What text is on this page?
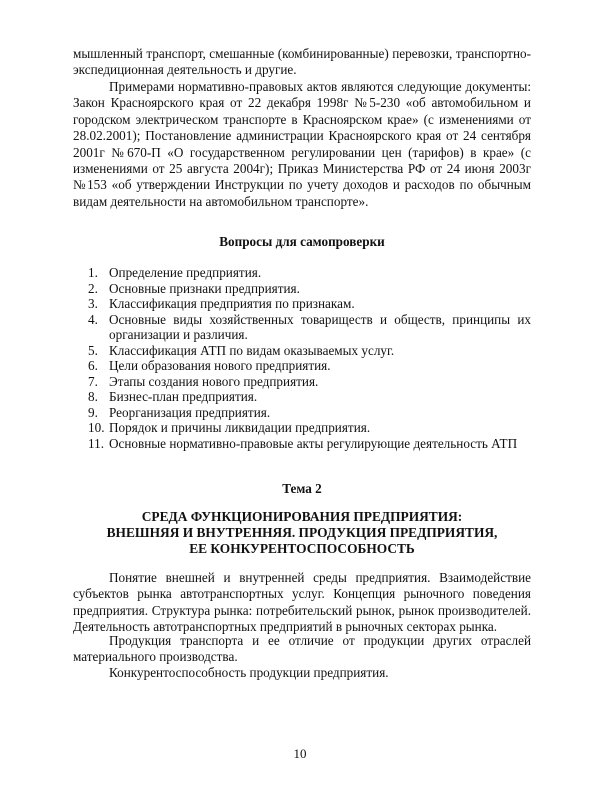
мышленный транспорт, смешанные (комбинированные) перевозки, транспортно-экспедиционная деятельность и другие.
Примерами нормативно-правовых актов являются следующие документы: Закон Красноярского края от 22 декабря 1998г №5-230 «об автомобильном и городском электрическом транспорте в Красноярском крае» (с изменениями от 28.02.2001); Постановление администрации Красноярского края от 24 сентября 2001г №670-П «О государственном регулировании цен (тарифов) в крае» (с изменениями от 25 августа 2004г); Приказ Министерства РФ от 24 июня 2003г №153 «об утверждении Инструкции по учету доходов и расходов по обычным видам деятельности на автомобильном транспорте».
Вопросы для самопроверки
1. Определение предприятия.
2. Основные признаки предприятия.
3. Классификация предприятия по признакам.
4. Основные виды хозяйственных товариществ и обществ, принципы их организации и различия.
5. Классификация АТП по видам оказываемых услуг.
6. Цели образования нового предприятия.
7. Этапы создания нового предприятия.
8. Бизнес-план предприятия.
9. Реорганизация предприятия.
10. Порядок и причины ликвидации предприятия.
11. Основные нормативно-правовые акты регулирующие деятельность АТП
Тема 2
СРЕДА ФУНКЦИОНИРОВАНИЯ ПРЕДПРИЯТИЯ:
ВНЕШНЯЯ И ВНУТРЕННЯЯ. ПРОДУКЦИЯ ПРЕДПРИЯТИЯ,
ЕЕ КОНКУРЕНТОСПОСОБНОСТЬ
Понятие внешней и внутренней среды предприятия. Взаимодействие субъектов рынка автотранспортных услуг. Концепция рыночного поведения предприятия. Структура рынка: потребительский рынок, рынок производителей. Деятельность автотранспортных предприятий в рыночных секторах рынка.
Продукция транспорта и ее отличие от продукции других отраслей материального производства.
Конкурентоспособность продукции предприятия.
10
